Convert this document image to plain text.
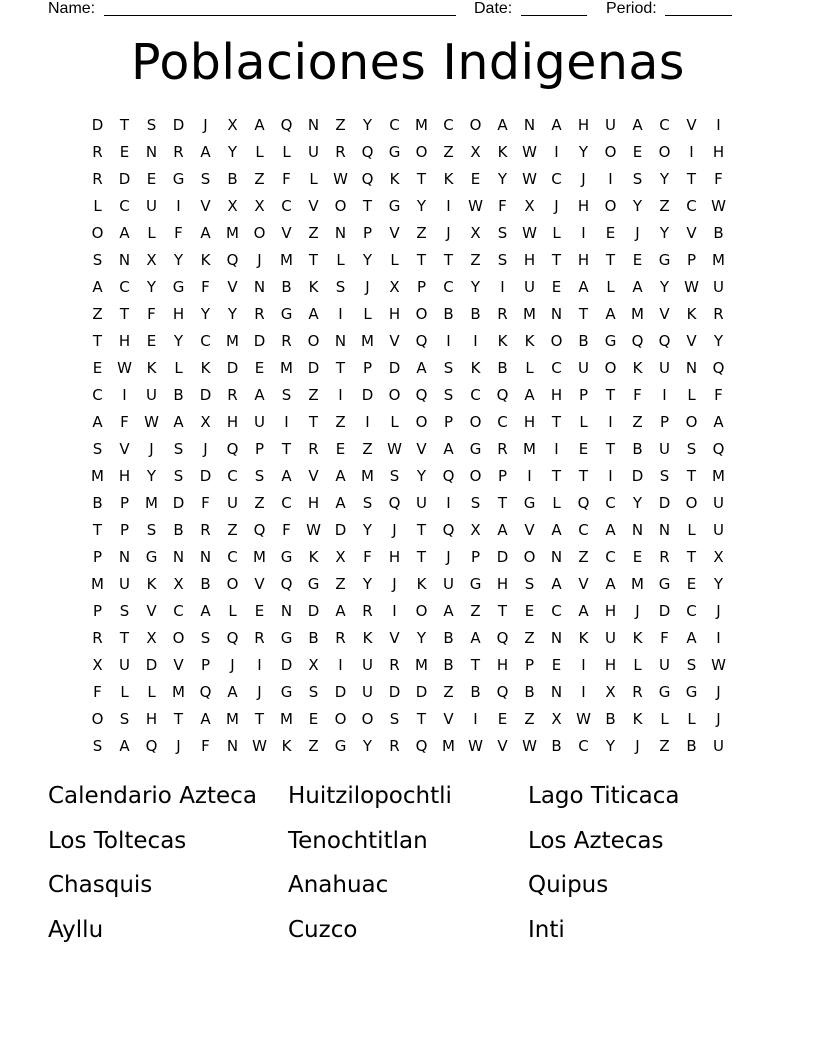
Name:	Date:	Period:
Poblaciones Indigenas
D	T	S	D	J	X	A	Q	N	Z	Y	C	M	C	O	A	N	A	H	U	A	C	V	I
R	E	N	R	A	Y	L	L	U	R	Q	G	O	Z	X	K W	I	Y	O	E	O	I	H
R	D	E	G	S	B	Z	F	L	W Q	K	T	K	E	Y	W C	J	I	S	Y	T	F
L	C	U	I	V	X	X	C	V	O	T	G	Y	I	W	F	X	J	H	O	Y	Z	C W
O	A	L	F	A	M O	V	Z	N	P	V	Z	J	X	S W	L	I	E	J	Y	V	B
S	N	X	Y	K	Q	J	M	T	L	Y	L	T	T	Z	S	H	T	H	T	E	G	P	M
A	C	Y	G	F	V	N	B	K	S	J	X	P	C	Y	I	U	E	A	L	A	Y	W U
Z	T	F	H	Y	Y	R	G	A	I	L	H	O	B	B	R	M N	T	A	M	V	K	R
T	H	E	Y	C	M D	R	O	N M	V	Q	I	I	K	K	O	B	G	Q	Q	V	Y
E W K	L	K	D	E	M D	T	P	D	A	S	K	B	L	C	U	O	K	U	N	Q
C	I	U	B	D	R	A	S	Z	I	D	O	Q	S	C	Q	A	H	P	T	F	I	L	F
A	F	W A	X	H	U	I	T	Z	I	L	O	P	O	C	H	T	L	I	Z	P	O	A
S	V	J	S	J	Q	P	T	R	E	Z W V	A	G	R	M	I	E	T	B	U	S	Q
M H	Y	S	D	C	S	A	V	A	M	S	Y	Q	O	P	I	T	T	I	D	S	T	M
B	P	M D	F	U	Z	C	H	A	S	Q	U	I	S	T	G	L	Q	C	Y	D	O	U
T	P	S	B	R	Z	Q	F	W D	Y	J	T	Q	X	A	V	A	C	A	N	N	L	U
P	N	G	N	N	C	M G	K	X	F	H	T	J	P	D	O	N	Z	C	E	R	T	X
M	U	K	X	B	O	V	Q	G	Z	Y	J	K	U	G	H	S	A	V	A	M G	E	Y
P	S	V	C	A	L	E	N	D	A	R	I	O	A	Z	T	E	C	A	H	J	D	C	J
R	T	X	O	S	Q	R	G	B	R	K	V	Y	B	A	Q	Z	N	K	U	K	F	A	I
X	U	D	V	P	J	I	D	X	I	U	R	M	B	T	H	P	E	I	H	L	U	S W
F	L	L	M Q	A	J	G	S	D	U	D	D	Z	B	Q	B	N	I	X	R	G	G	J
O	S	H	T	A	M	T	M	E	O	O	S	T	V	I	E	Z	X W B	K	L	L	J
S	A	Q	J	F	N W K	Z	G	Y	R	Q M W V W B	C	Y	J	Z	B	U
Calendario Azteca	Huitzilopochtli	Lago Titicaca
Los Toltecas	Tenochtitlan	Los Aztecas
Chasquis	Anahuac	Quipus
Ayllu	Cuzco	Inti
